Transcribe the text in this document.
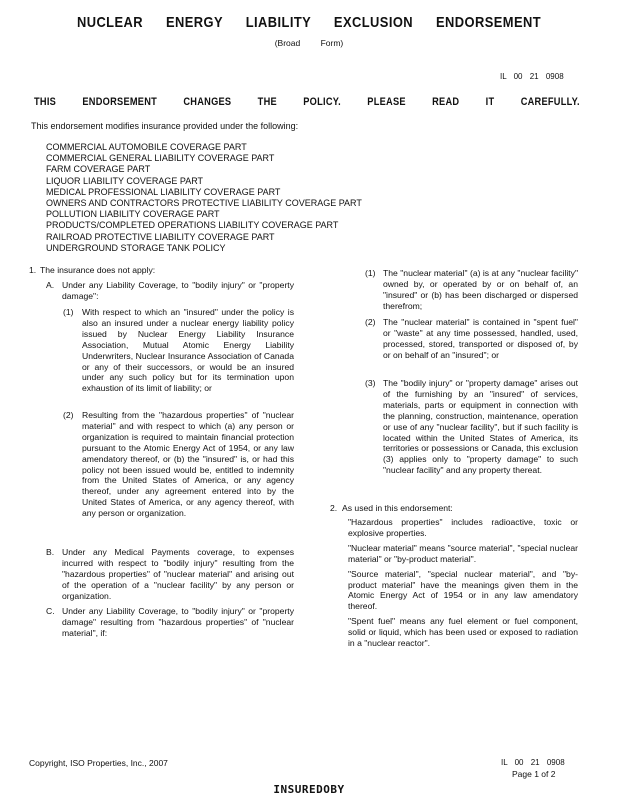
NUCLEAR ENERGY LIABILITY EXCLUSION ENDORSEMENT
(Broad Form)
IL 00 21 0908
THIS ENDORSEMENT CHANGES THE POLICY. PLEASE READ IT CAREFULLY.
This endorsement modifies insurance provided under the following:
COMMERCIAL AUTOMOBILE COVERAGE PART
COMMERCIAL GENERAL LIABILITY COVERAGE PART
FARM COVERAGE PART
LIQUOR LIABILITY COVERAGE PART
MEDICAL PROFESSIONAL LIABILITY COVERAGE PART
OWNERS AND CONTRACTORS PROTECTIVE LIABILITY COVERAGE PART
POLLUTION LIABILITY COVERAGE PART
PRODUCTS/COMPLETED OPERATIONS LIABILITY COVERAGE PART
RAILROAD PROTECTIVE LIABILITY COVERAGE PART
UNDERGROUND STORAGE TANK POLICY
1. The insurance does not apply:
A. Under any Liability Coverage, to "bodily injury" or "property damage":
(1) With respect to which an "insured" under the policy is also an insured under a nuclear energy liability policy issued by Nuclear Energy Liability Insurance Association, Mutual Atomic Energy Liability Underwriters, Nuclear Insurance Association of Canada or any of their successors, or would be an insured under any such policy but for its termination upon exhaustion of its limit of liability; or
(2) Resulting from the "hazardous properties" of "nuclear material" and with respect to which (a) any person or organization is required to maintain financial protection pursuant to the Atomic Energy Act of 1954, or any law amendatory thereof, or (b) the "insured" is, or had this policy not been issued would be, entitled to indemnity from the United States of America, or any agency thereof, under any agreement entered into by the United States of America, or any agency thereof, with any person or organization.
B. Under any Medical Payments coverage, to expenses incurred with respect to "bodily injury" resulting from the "hazardous properties" of "nuclear material" and arising out of the operation of a "nuclear facility" by any person or organization.
C. Under any Liability Coverage, to "bodily injury" or "property damage" resulting from "hazardous properties" of "nuclear material", if:
(1) The "nuclear material" (a) is at any "nuclear facility" owned by, or operated by or on behalf of, an "insured" or (b) has been discharged or dispersed therefrom;
(2) The "nuclear material" is contained in "spent fuel" or "waste" at any time possessed, handled, used, processed, stored, transported or disposed of, by or on behalf of an "insured"; or
(3) The "bodily injury" or "property damage" arises out of the furnishing by an "insured" of services, materials, parts or equipment in connection with the planning, construction, maintenance, operation or use of any "nuclear facility", but if such facility is located within the United States of America, its territories or possessions or Canada, this exclusion (3) applies only to "property damage" to such "nuclear facility" and any property thereat.
2. As used in this endorsement:

"Hazardous properties" includes radioactive, toxic or explosive properties.

"Nuclear material" means "source material", "special nuclear material" or "by-product material".

"Source material", "special nuclear material", and "by-product material" have the meanings given them in the Atomic Energy Act of 1954 or in any law amendatory thereof.

"Spent fuel" means any fuel element or fuel component, solid or liquid, which has been used or exposed to radiation in a "nuclear reactor".

Copyright, ISO Properties, Inc., 2007	IL 00 21 0908
Page 1 of 2
INSUREDOBY
